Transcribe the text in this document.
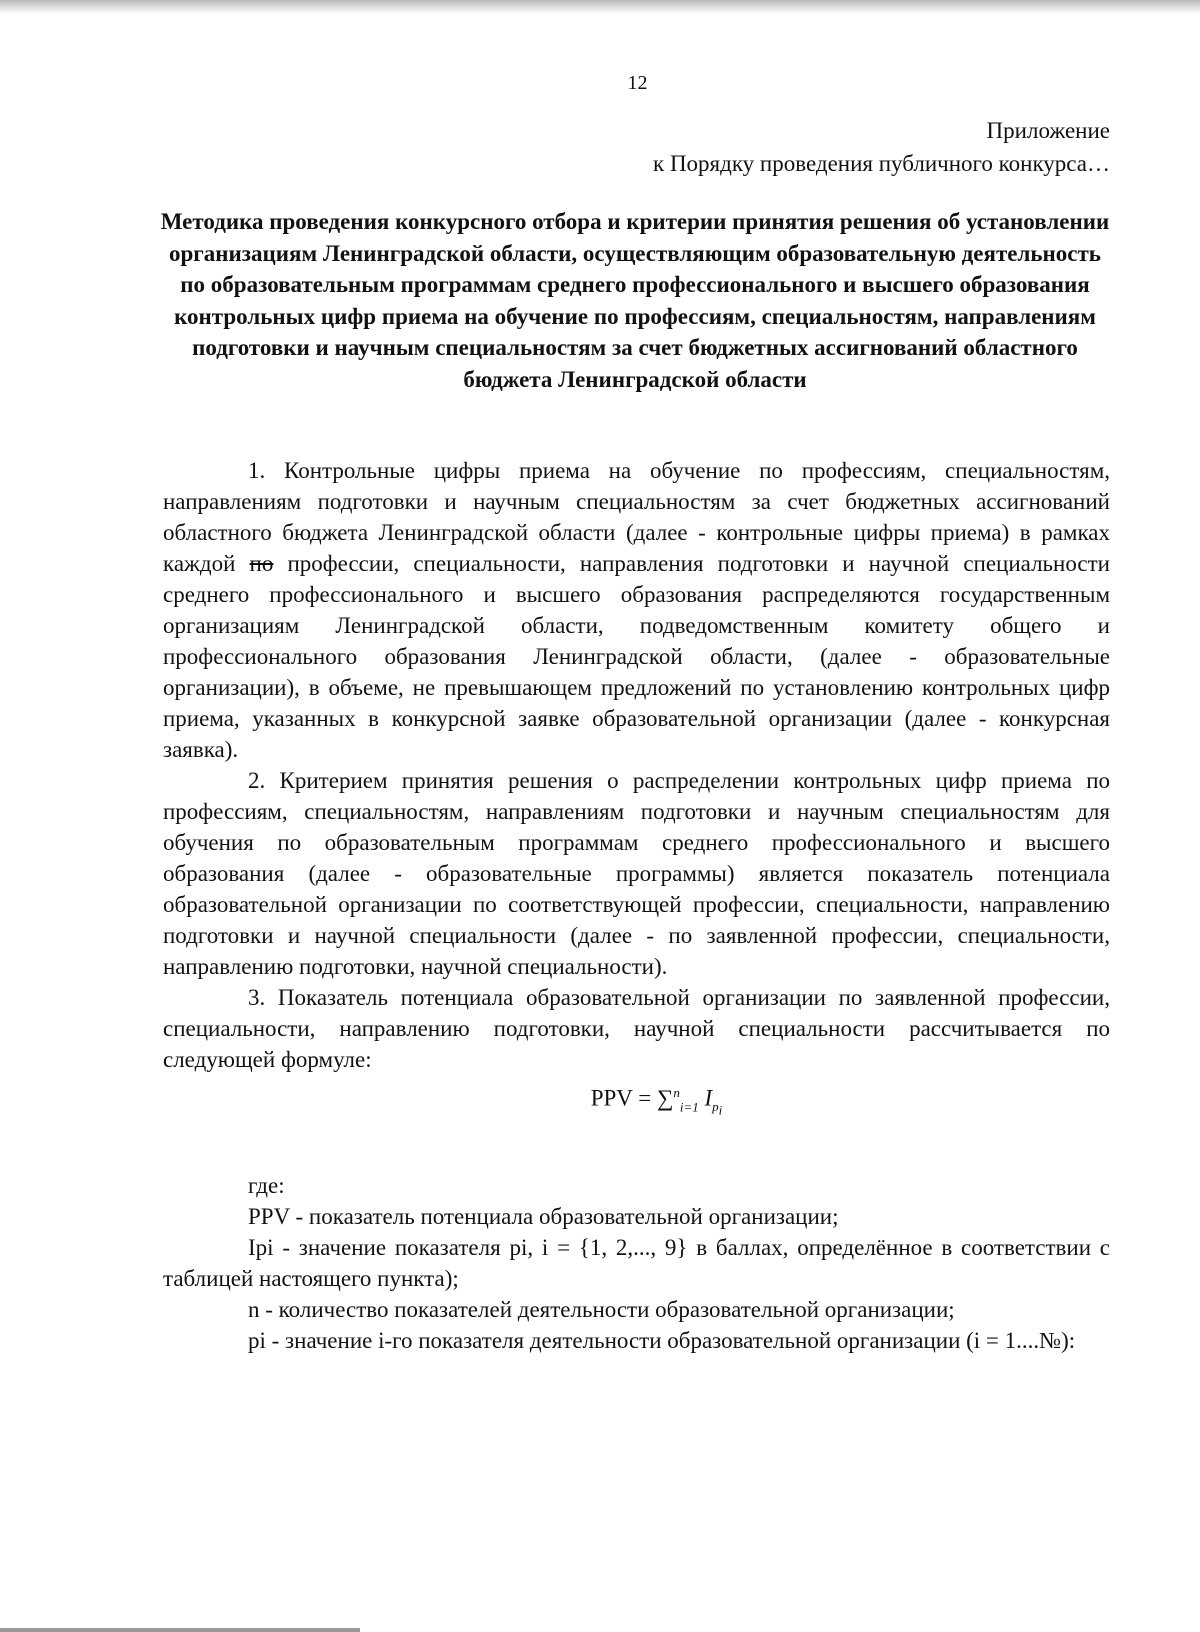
12
Приложение
к Порядку проведения публичного конкурса…
Методика проведения конкурсного отбора и критерии принятия решения об установлении организациям Ленинградской области, осуществляющим образовательную деятельность по образовательным программам среднего профессионального и высшего образования контрольных цифр приема на обучение по профессиям, специальностям, направлениям подготовки и научным специальностям за счет бюджетных ассигнований областного бюджета Ленинградской области

1. Контрольные цифры приема на обучение по профессиям, специальностям, направлениям подготовки и научным специальностям за счет бюджетных ассигнований областного бюджета Ленинградской области (далее - контрольные цифры приема) в рамках каждой по профессии, специальности, направления подготовки и научной специальности среднего профессионального и высшего образования распределяются государственным организациям Ленинградской области, подведомственным комитету общего и профессионального образования Ленинградской области, (далее - образовательные организации), в объеме, не превышающем предложений по установлению контрольных цифр приема, указанных в конкурсной заявке образовательной организации (далее - конкурсная заявка).

2. Критерием принятия решения о распределении контрольных цифр приема по профессиям, специальностям, направлениям подготовки и научным специальностям для обучения по образовательным программам среднего профессионального и высшего образования (далее - образовательные программы) является показатель потенциала образовательной организации по соответствующей профессии, специальности, направлению подготовки и научной специальности (далее - по заявленной профессии, специальности, направлению подготовки, научной специальности).

3. Показатель потенциала образовательной организации по заявленной профессии, специальности, направлению подготовки, научной специальности рассчитывается по следующей формуле:

PPV = ∑$^n_{i=1}$ $I_{p_i}$

где:

PPV - показатель потенциала образовательной организации;

Ipi - значение показателя pi, i = {1, 2,..., 9} в баллах, определённое в соответствии с таблицей настоящего пункта);

n - количество показателей деятельности образовательной организации;

pi - значение i-го показателя деятельности образовательной организации (i = 1....№):
